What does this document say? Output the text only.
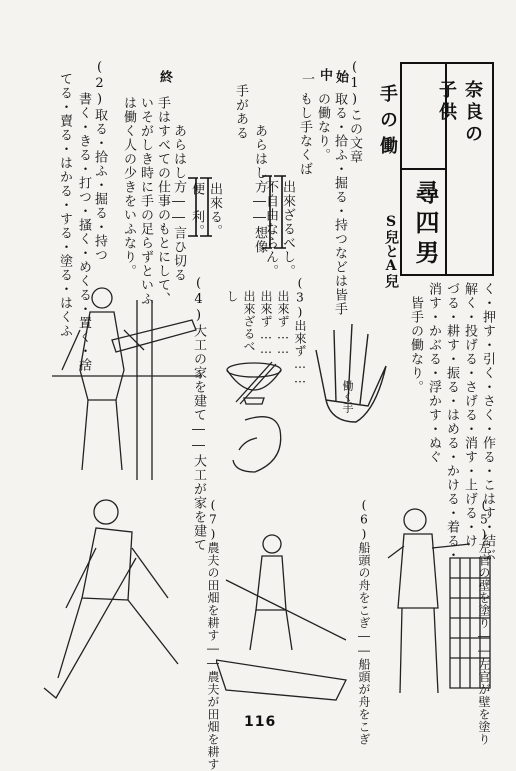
奈良の
子供
尋四男
手の働
S兒とA兒
(1)この文章
始
取る・拾ふ・掘る・持つなどは皆手
の働なり。
中
もし手なくば
一
出來ざるべし。
不自由ならん。
あらはし方――想像
手がある
出來る。
便　利。
あらはし方――言ひ切る
終
手はすべての仕事のもとにして、
いそがしき時に手の足らずといふ
は働く人の少きをいふなり。
(2)取る・拾ふ・掘る・持つ
書く・きる・打つ・搔く・めくる・置く・捨
てる・賣る・はかる・する・塗る・はくふ
く・押す・引く・さく・作る・こはす・結ぶ
解く・投げる・さげる・消す・上げる・け
づる・耕す・振る・はめる・かける・着る・
消す・かぶる・浮かす・ぬぐ
皆手の働なり。
(3)出來ず……
出來ず……
出來ず……
出來ざるべ
し
(4)大工の家を建て――大工が家を建て
(5)左官の壁を塗り――左官が壁を塗り
(6)船頭の舟をこぎ――船頭が舟をこぎ
(7)農夫の田畑を耕す――農夫が田畑を耕す
働く手
116
